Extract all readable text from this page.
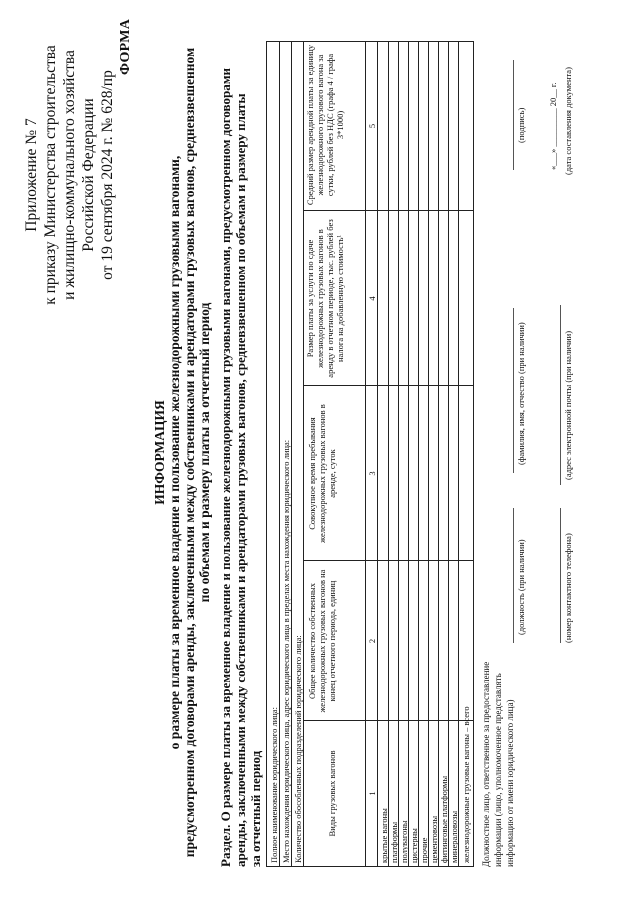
Приложение № 7 к приказу Министерства строительства и жилищно-коммунального хозяйства Российской Федерации от 19 сентября 2024 г. № 628/пр
ФОРМА
ИНФОРМАЦИЯ о размере платы за временное владение и пользование железнодорожными грузовыми вагонами, предусмотренном договорами аренды, заключенными между собственниками и арендаторами грузовых вагонов, средневзвешенном по объемам и размеру платы за отчетный период Раздел. О размере платы за временное владение и пользование железнодорожными грузовыми вагонами, предусмотренном договорами аренды, заключенными между собственниками и арендаторами грузовых вагонов, средневзвешенном по объемам и размеру платы за отчетный период Полное наименование юридического лица: Место нахождения юридического лица, адрес юридического лица в пределах места нахождения юридического лица: Количество обособленных подразделений юридического лица:	Виды грузовых вагонов
Общее количество собственных железнодорожных грузовых вагонов на конец отчетного периода, единиц
Совокупное время пребывания железнодорожных грузовых вагонов в аренде, суток
Размер платы за услуги по сдаче железнодорожных грузовых вагонов в аренду в отчетном периоде, тыс. рублей без налога на добавленную стоимость¹
Средний размер арендной платы за единицу железнодорожного грузового вагона за сутки, рублей без НДС (графа 4 / графа 3*1000)
1
2
3
4
5
крытые вагоны платформы полувагоны цистерны прочие цементовозы фитинговые платформы минераловозы железнодорожные грузовые вагоны – всего Должностное лицо, ответственное за предоставление информации (лицо, уполномоченное представлять информацию от имени юридического лица)
(должность (при наличии)
(фамилия, имя, отчество (при наличии)
(подпись)
(номер контактного телефона)
(адрес электронной почты (при наличии)
«___» _________ 20__ г. (дата составления документа)
